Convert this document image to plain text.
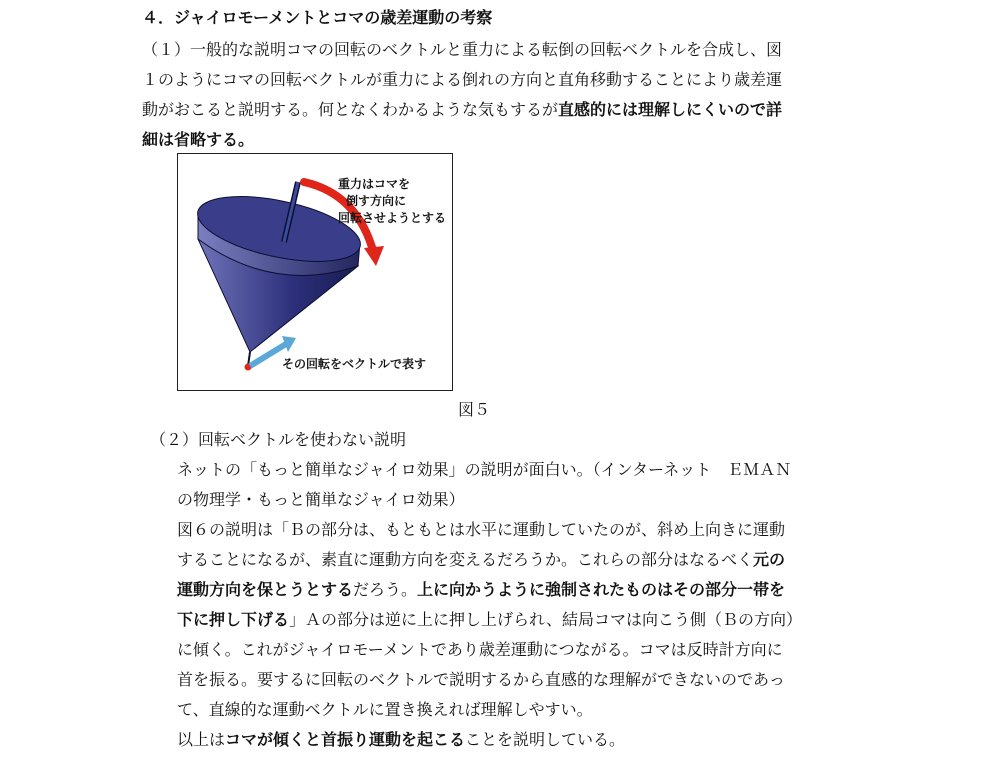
４．ジャイロモーメントとコマの歳差運動の考察
（１）一般的な説明コマの回転のベクトルと重力による転倒の回転ベクトルを合成し、図
１のようにコマの回転ベクトルが重力による倒れの方向と直角移動することにより歳差運
動がおこると説明する。何となくわかるような気もするが直感的には理解しにくいので詳
細は省略する。
重力はコマを
倒す方向に
回転させようとする
その回転をベクトルで表す
図５
（２）回転ベクトルを使わない説明
ネットの「もっと簡単なジャイロ効果」の説明が面白い。（インターネット　ＥＭＡＮ
の物理学・もっと簡単なジャイロ効果）
図６の説明は「Ｂの部分は、もともとは水平に運動していたのが、斜め上向きに運動
することになるが、素直に運動方向を変えるだろうか。これらの部分はなるべく元の
運動方向を保とうとするだろう。上に向かうように強制されたものはその部分一帯を
下に押し下げる」Ａの部分は逆に上に押し上げられ、結局コマは向こう側（Ｂの方向）
に傾く。これがジャイロモーメントであり歳差運動につながる。コマは反時計方向に
首を振る。要するに回転のベクトルで説明するから直感的な理解ができないのであっ
て、直線的な運動ベクトルに置き換えれば理解しやすい。
以上はコマが傾くと首振り運動を起こることを説明している。
